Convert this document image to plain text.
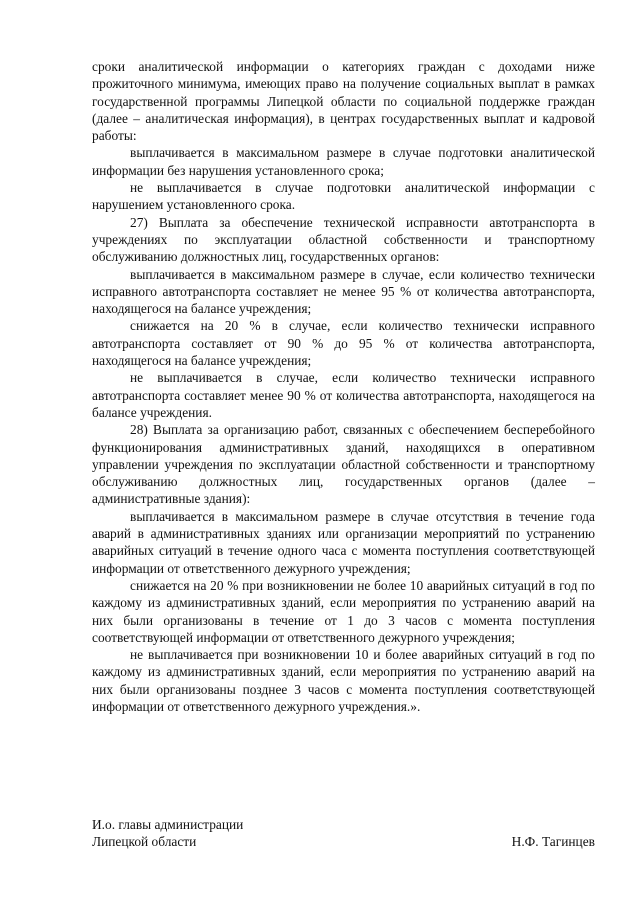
сроки аналитической информации о категориях граждан с доходами ниже прожиточного минимума, имеющих право на получение социальных выплат в рамках государственной программы Липецкой области по социальной поддержке граждан (далее – аналитическая информация), в центрах государственных выплат и кадровой работы:

выплачивается в максимальном размере в случае подготовки аналитической информации без нарушения установленного срока;

не выплачивается в случае подготовки аналитической информации с нарушением установленного срока.

27) Выплата за обеспечение технической исправности автотранспорта в учреждениях по эксплуатации областной собственности и транспортному обслуживанию должностных лиц, государственных органов:

выплачивается в максимальном размере в случае, если количество технически исправного автотранспорта составляет не менее 95 % от количества автотранспорта, находящегося на балансе учреждения;

снижается на 20 % в случае, если количество технически исправного автотранспорта составляет от 90 % до 95 % от количества автотранспорта, находящегося на балансе учреждения;

не выплачивается в случае, если количество технически исправного автотранспорта составляет менее 90 % от количества автотранспорта, находящегося на балансе учреждения.

28) Выплата за организацию работ, связанных с обеспечением бесперебойного функционирования административных зданий, находящихся в оперативном управлении учреждения по эксплуатации областной собственности и транспортному обслуживанию должностных лиц, государственных органов (далее – административные здания):

выплачивается в максимальном размере в случае отсутствия в течение года аварий в административных зданиях или организации мероприятий по устранению аварийных ситуаций в течение одного часа с момента поступления соответствующей информации от ответственного дежурного учреждения;

снижается на 20 % при возникновении не более 10 аварийных ситуаций в год по каждому из административных зданий, если мероприятия по устранению аварий на них были организованы в течение от 1 до 3 часов с момента поступления соответствующей информации от ответственного дежурного учреждения;

не выплачивается при возникновении 10 и более аварийных ситуаций в год по каждому из административных зданий, если мероприятия по устранению аварий на них были организованы позднее 3 часов с момента поступления соответствующей информации от ответственного дежурного учреждения.».

И.о. главы администрации
Липецкой области	Н.Ф. Тагинцев
